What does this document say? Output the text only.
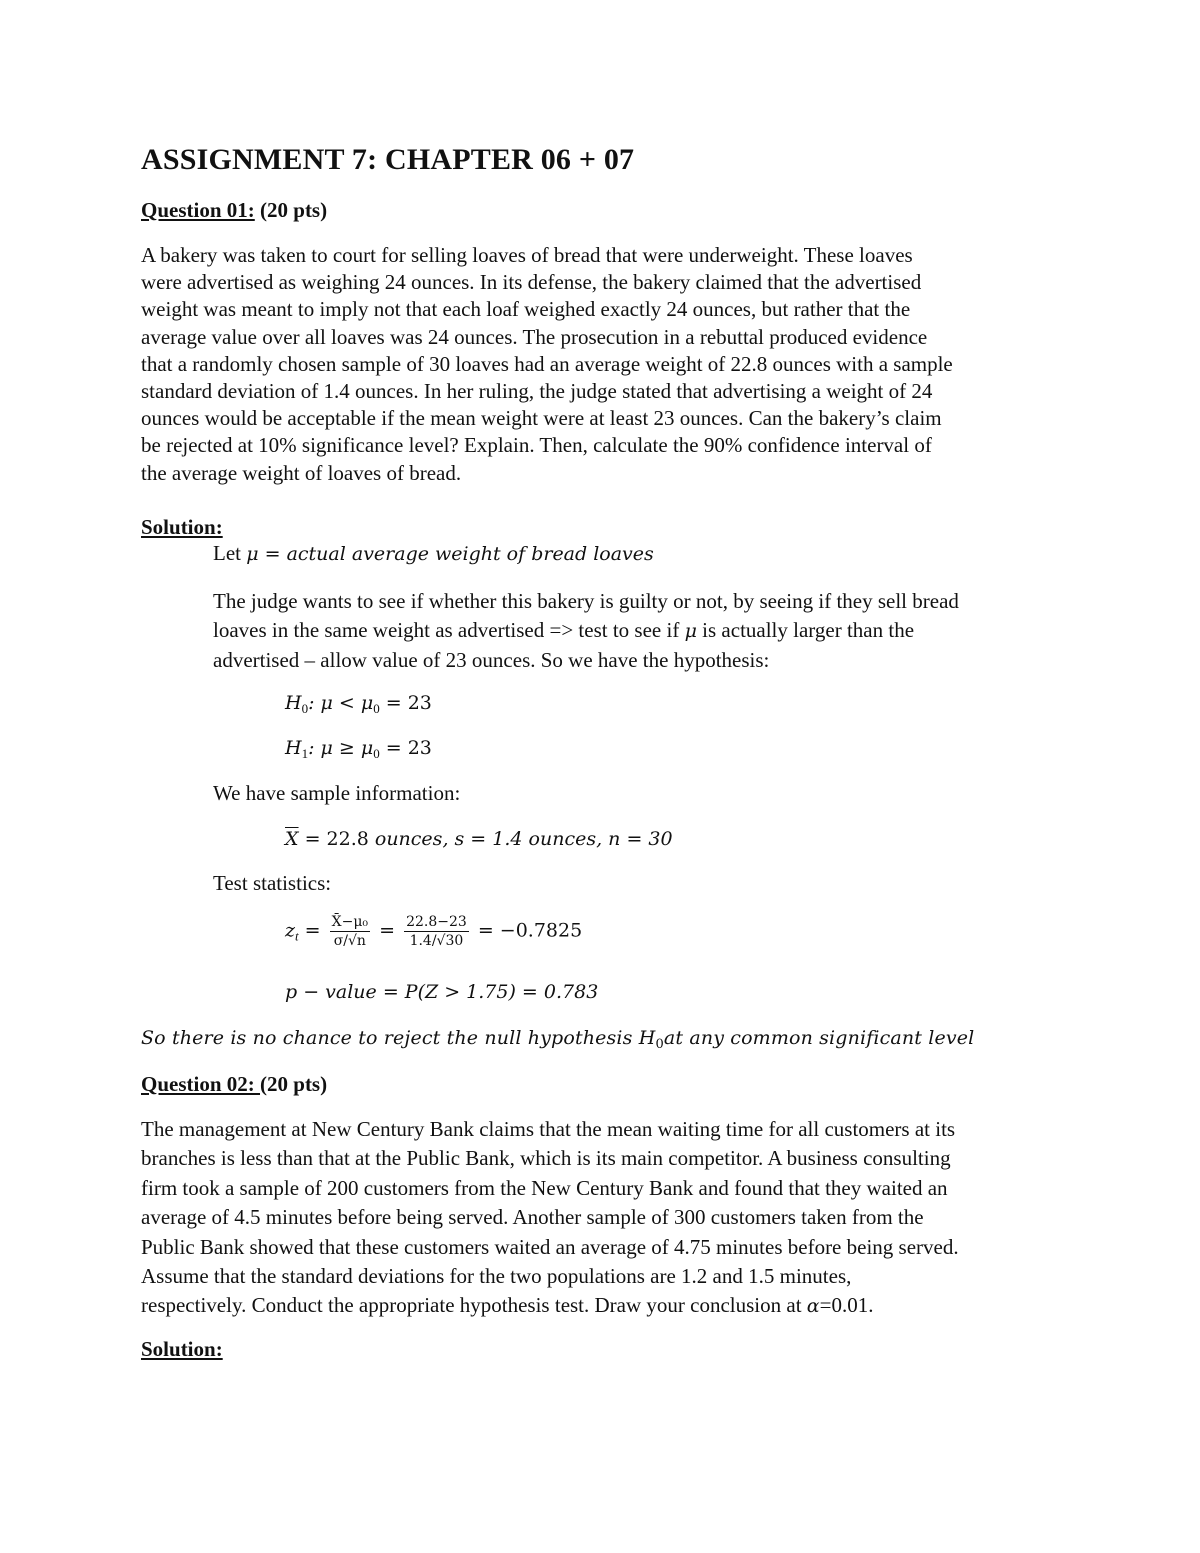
ASSIGNMENT 7: CHAPTER 06 + 07
Question 01: (20 pts)
A bakery was taken to court for selling loaves of bread that were underweight. These loaves
were advertised as weighing 24 ounces. In its defense, the bakery claimed that the advertised
weight was meant to imply not that each loaf weighed exactly 24 ounces, but rather that the
average value over all loaves was 24 ounces. The prosecution in a rebuttal produced evidence
that a randomly chosen sample of 30 loaves had an average weight of 22.8 ounces with a sample
standard deviation of 1.4 ounces. In her ruling, the judge stated that advertising a weight of 24
ounces would be acceptable if the mean weight were at least 23 ounces. Can the bakery’s claim
be rejected at 10% significance level? Explain. Then, calculate the 90% confidence interval of
the average weight of loaves of bread.
Solution:
Let μ = actual average weight of bread loaves
The judge wants to see if whether this bakery is guilty or not, by seeing if they sell bread
loaves in the same weight as advertised => test to see if μ is actually larger than the
advertised – allow value of 23 ounces. So we have the hypothesis:
$H_0$: $\mu < \mu_0 = 23$
$H_1$: $\mu \ge \mu_0 = 23$
We have sample information:
$\overline{X} = 22.8$ ounces, s = 1.4 ounces, n = 30
Test statistics:
zt = $\frac{\text{X̄−μ₀}}{\sigma/√n} = \frac{22.8-23}{1.4/√30} = -0.7825$
p − value = P(Z > 1.75) = 0.783
So there is no chance to reject the null hypothesis $H_0at$ any common significant level
Question 02: (20 pts)
The management at New Century Bank claims that the mean waiting time for all customers at its
branches is less than that at the Public Bank, which is its main competitor. A business consulting
firm took a sample of 200 customers from the New Century Bank and found that they waited an
average of 4.5 minutes before being served. Another sample of 300 customers taken from the
Public Bank showed that these customers waited an average of 4.75 minutes before being served.
Assume that the standard deviations for the two populations are 1.2 and 1.5 minutes,
respectively. Conduct the appropriate hypothesis test. Draw your conclusion at α=0.01.
Solution:
